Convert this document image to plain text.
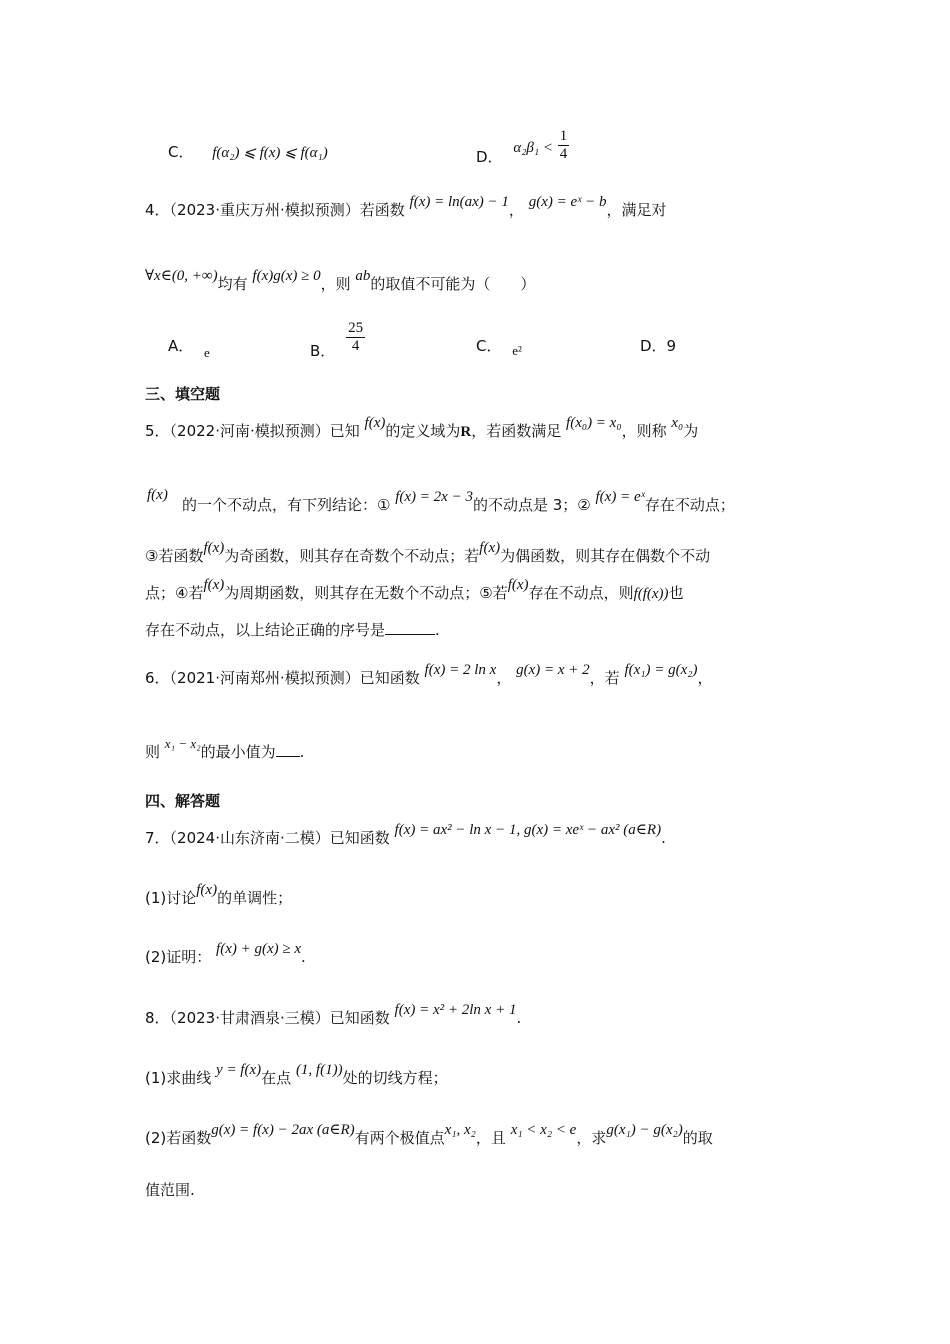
C． f(α₂) ⩽ f(x) ⩽ f(α₁)	D． $\alpha_2\beta_1 < \frac{1}{4}$
4．（2023·重庆万州·模拟预测）若函数 f(x) = ln(ax) − 1， g(x) = eˣ − b，满足对
∀x∈(0, +∞)均有 f(x)g(x) ≥ 0，则 ab的取值不可能为（　　）
A． e	B． $\frac{25}{4}$	C． e²	D．9
三、填空题
5．（2022·河南·模拟预测）已知 f(x)的定义域为R，若函数满足 f(x₀) = x₀，则称 x₀为
f(x)
的一个不动点，有下列结论：① f(x) = 2x − 3的不动点是 3；② f(x) = eˣ存在不动点；
③若函数f(x)为奇函数，则其存在奇数个不动点；若f(x)为偶函数，则其存在偶数个不动
点；④若f(x)为周期函数，则其存在无数个不动点；⑤若f(x)存在不动点，则f(f(x))也
存在不动点，以上结论正确的序号是	.
6．（2021·河南郑州·模拟预测）已知函数 f(x) = 2 ln x， g(x) = x + 2，若 f(x₁) = g(x₂)，
则 x₁ − x₂的最小值为 .
四、解答题
7．（2024·山东济南·二模）已知函数 f(x) = ax² − ln x − 1, g(x) = xeˣ − ax² (a∈R).
(1)讨论f(x)的单调性；
(2)证明： f(x) + g(x) ≥ x.
8．（2023·甘肃酒泉·三模）已知函数 f(x) = x² + 2ln x + 1.
(1)求曲线 y = f(x)在点 (1, f(1))处的切线方程；
(2)若函数g(x) = f(x) − 2ax (a∈R)有两个极值点x₁, x₂，且 x₁ < x₂ < e，求g(x₁) − g(x₂)的取
值范围.
